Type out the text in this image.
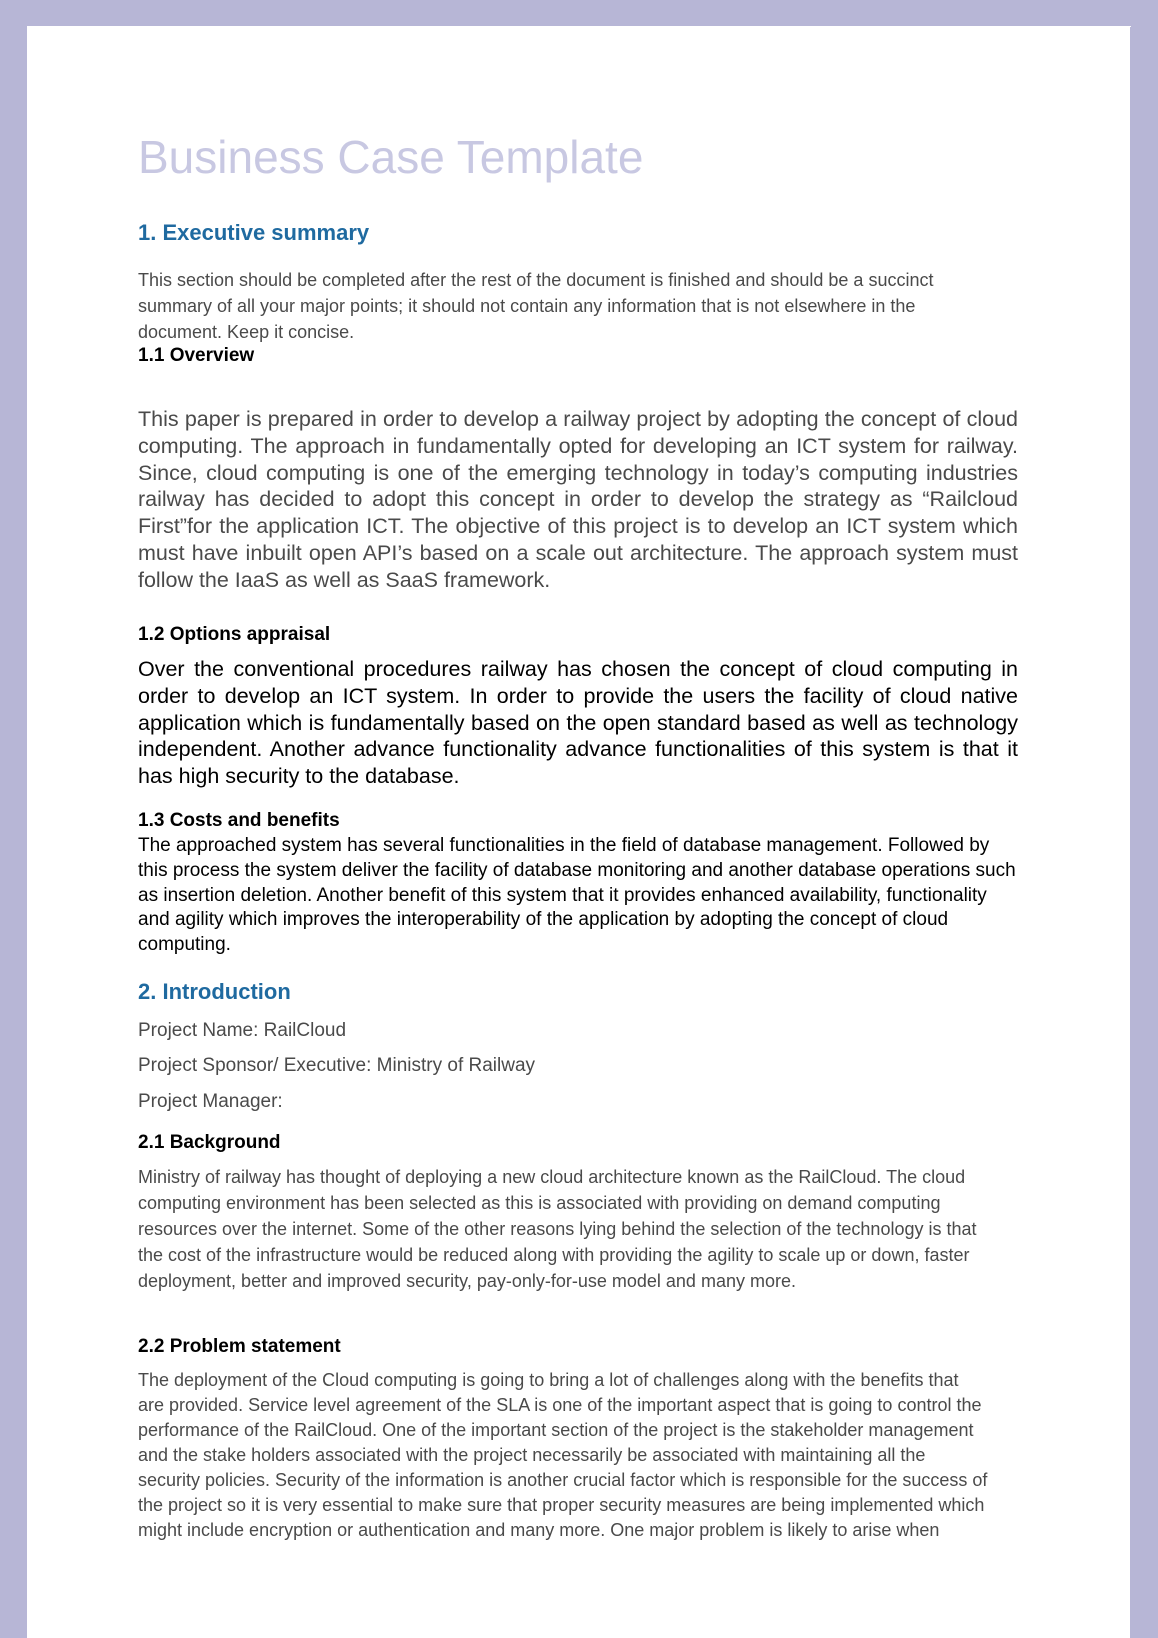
Business Case Template
1. Executive summary

This section should be completed after the rest of the document is finished and should be a succinct summary of all your major points; it should not contain any information that is not elsewhere in the document. Keep it concise.

1.1 Overview

This paper is prepared in order to develop a railway project by adopting the concept of cloud computing. The approach in fundamentally opted for developing an ICT system for railway. Since, cloud computing is one of the emerging technology in today’s computing industries railway has decided to adopt this concept in order to develop the strategy as “Railcloud First”for the application ICT. The objective of this project is to develop an ICT system which must have inbuilt open API’s based on a scale out architecture. The approach system must follow the IaaS as well as SaaS framework.

1.2 Options appraisal

Over the conventional procedures railway has chosen the concept of cloud computing in order to develop an ICT system. In order to provide the users the facility of cloud native application which is fundamentally based on the open standard based as well as technology independent. Another advance functionality advance functionalities of this system is that it has high security to the database.

1.3 Costs and benefits

The approached system has several functionalities in the field of database management. Followed by this process the system deliver the facility of database monitoring and another database operations such as insertion deletion. Another benefit of this system that it provides enhanced availability, functionality and agility which improves the interoperability of the application by adopting the concept of cloud computing.

2. Introduction
Project Name: RailCloud
Project Sponsor/ Executive: Ministry of Railway
Project Manager:
2.1 Background

Ministry of railway has thought of deploying a new cloud architecture known as the RailCloud. The cloud computing environment has been selected as this is associated with providing on demand computing resources over the internet. Some of the other reasons lying behind the selection of the technology is that the cost of the infrastructure would be reduced along with providing the agility to scale up or down, faster deployment, better and improved security, pay-only-for-use model and many more.

2.2 Problem statement

The deployment of the Cloud computing is going to bring a lot of challenges along with the benefits that are provided. Service level agreement of the SLA is one of the important aspect that is going to control the performance of the RailCloud. One of the important section of the project is the stakeholder management and the stake holders associated with the project necessarily be associated with maintaining all the security policies. Security of the information is another crucial factor which is responsible for the success of the project so it is very essential to make sure that proper security measures are being implemented which might include encryption or authentication and many more. One major problem is likely to arise when
